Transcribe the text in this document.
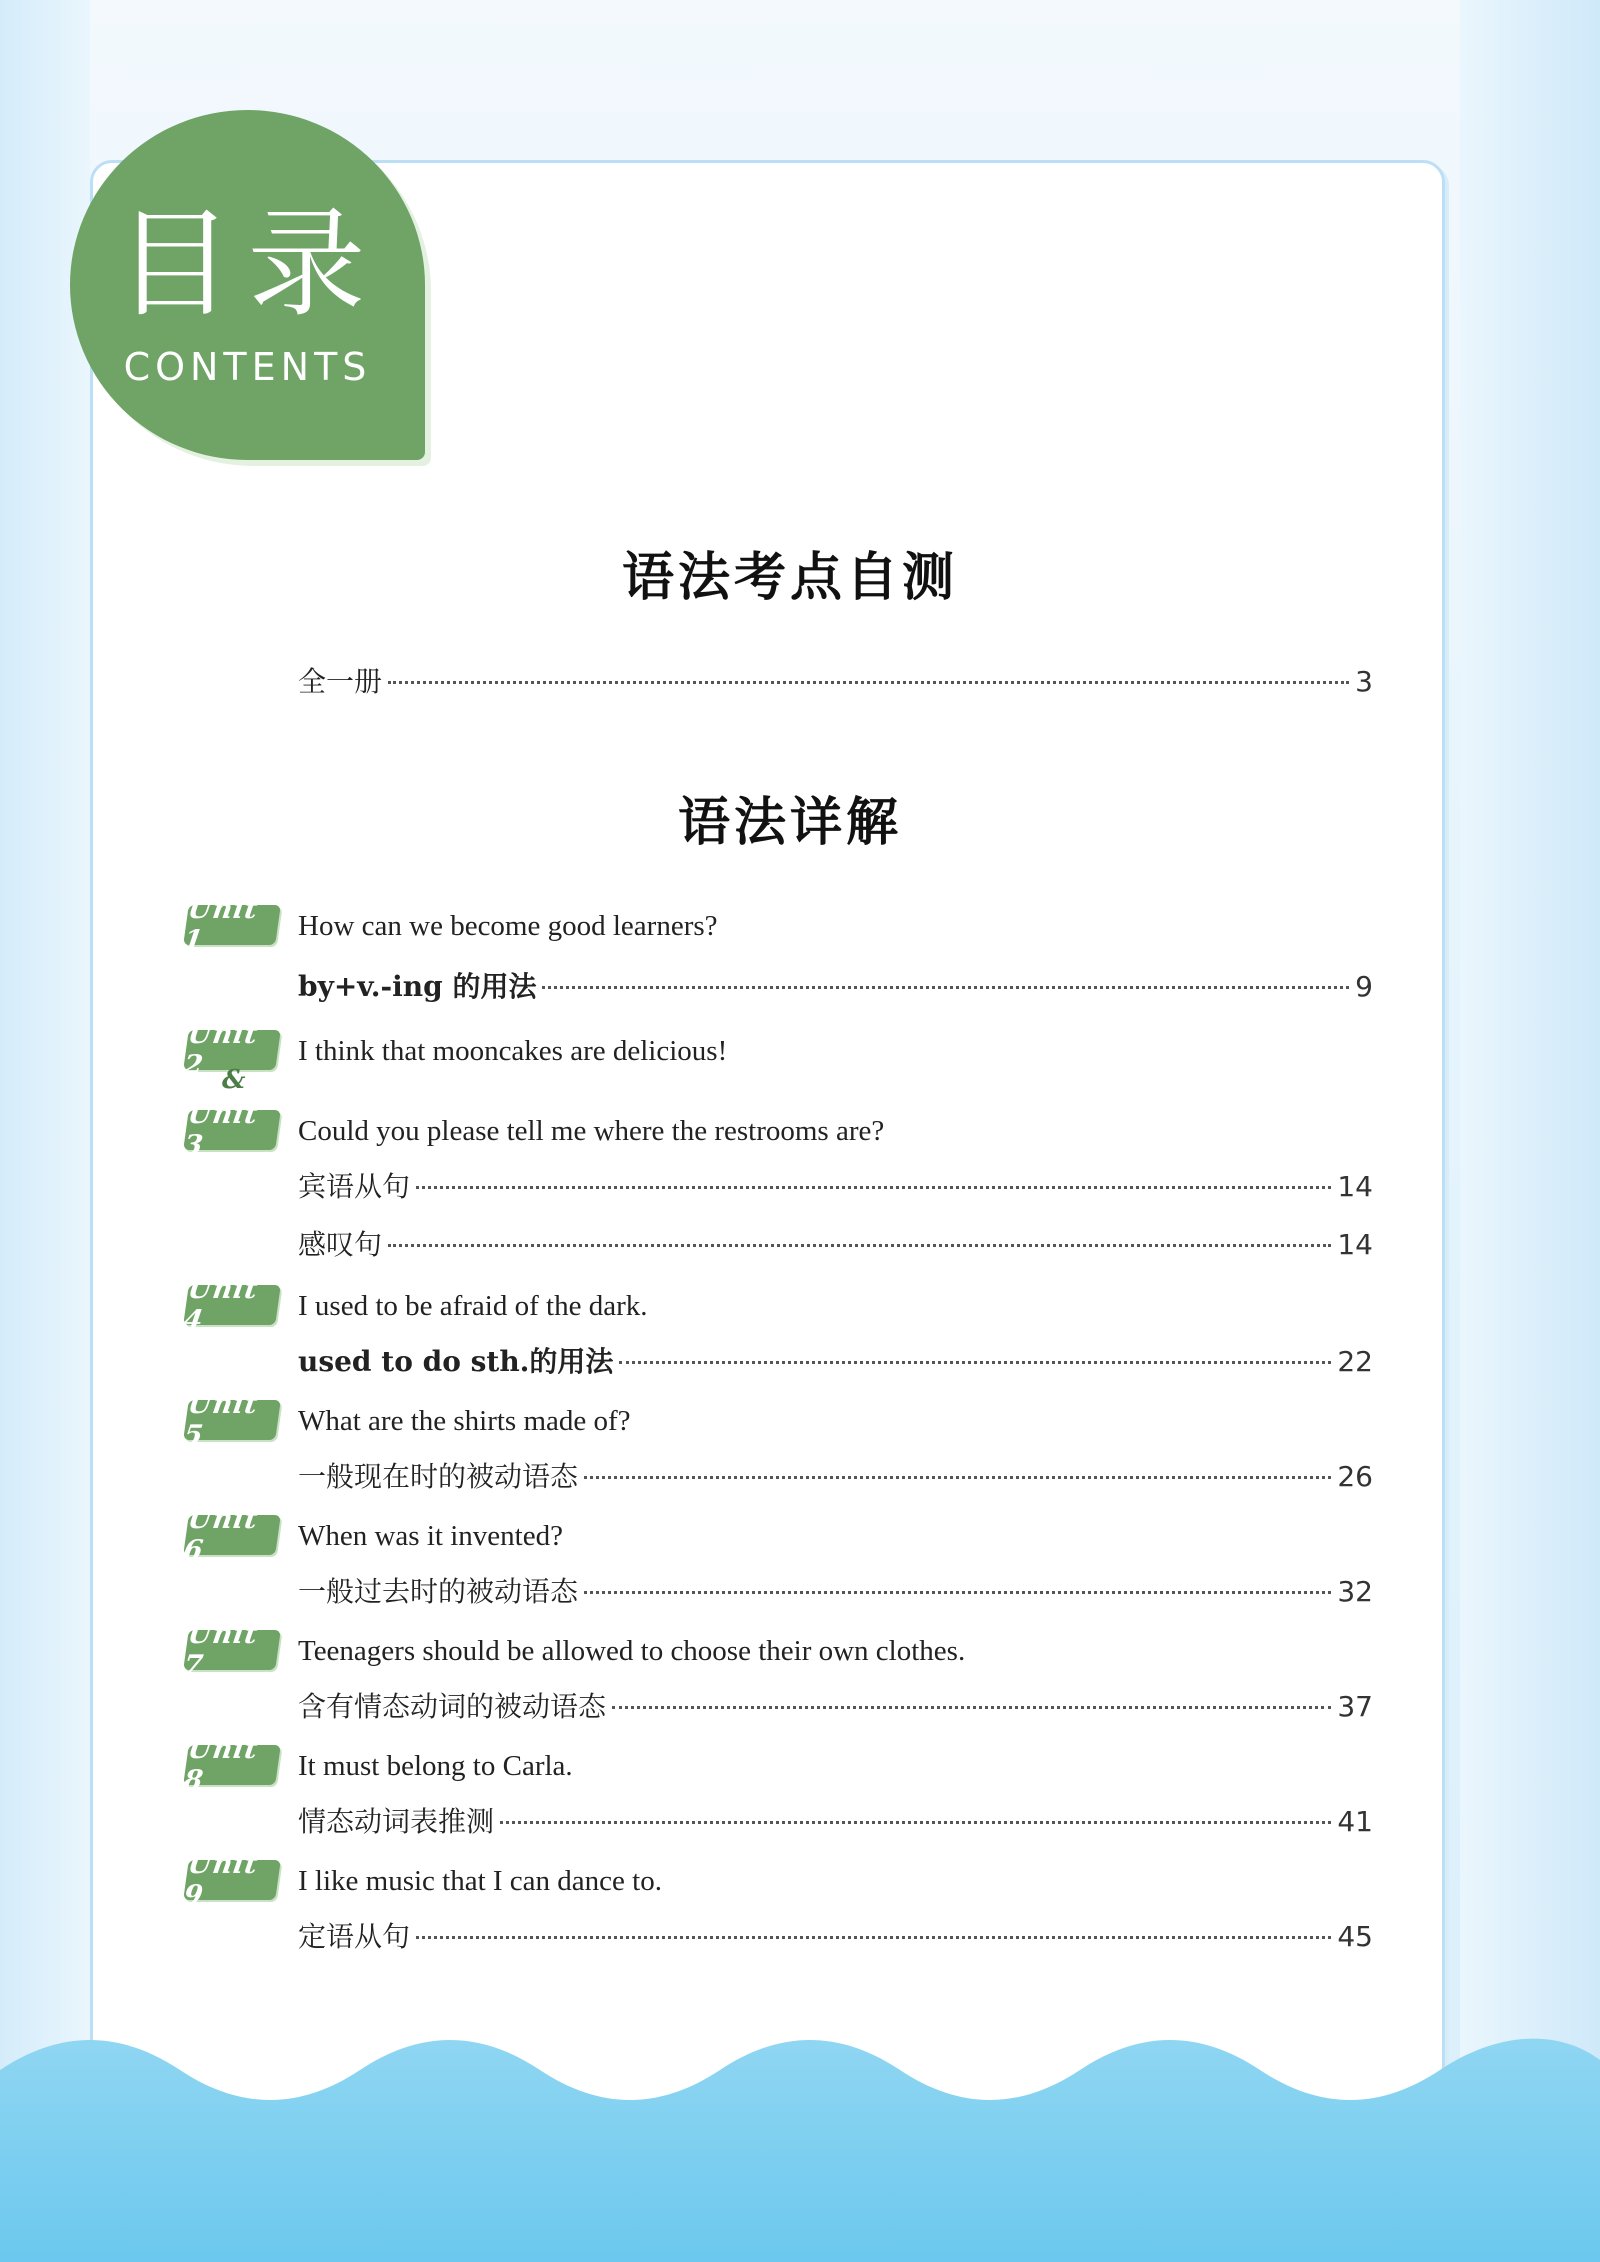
目录
CONTENTS
语法考点自测
全一册	3
语法详解
Unit 1	How can we become good learners?
by+v.-ing 的用法	9
Unit 2	I think that mooncakes are delicious!
&
Unit 3	Could you please tell me where the restrooms are?
宾语从句	14
感叹句	14
Unit 4	I used to be afraid of the dark.
used to do sth.的用法	22
Unit 5	What are the shirts made of?
一般现在时的被动语态	26
Unit 6	When was it invented?
一般过去时的被动语态	32
Unit 7	Teenagers should be allowed to choose their own clothes.
含有情态动词的被动语态	37
Unit 8	It must belong to Carla.
情态动词表推测	41
Unit 9	I like music that I can dance to.
定语从句	45
